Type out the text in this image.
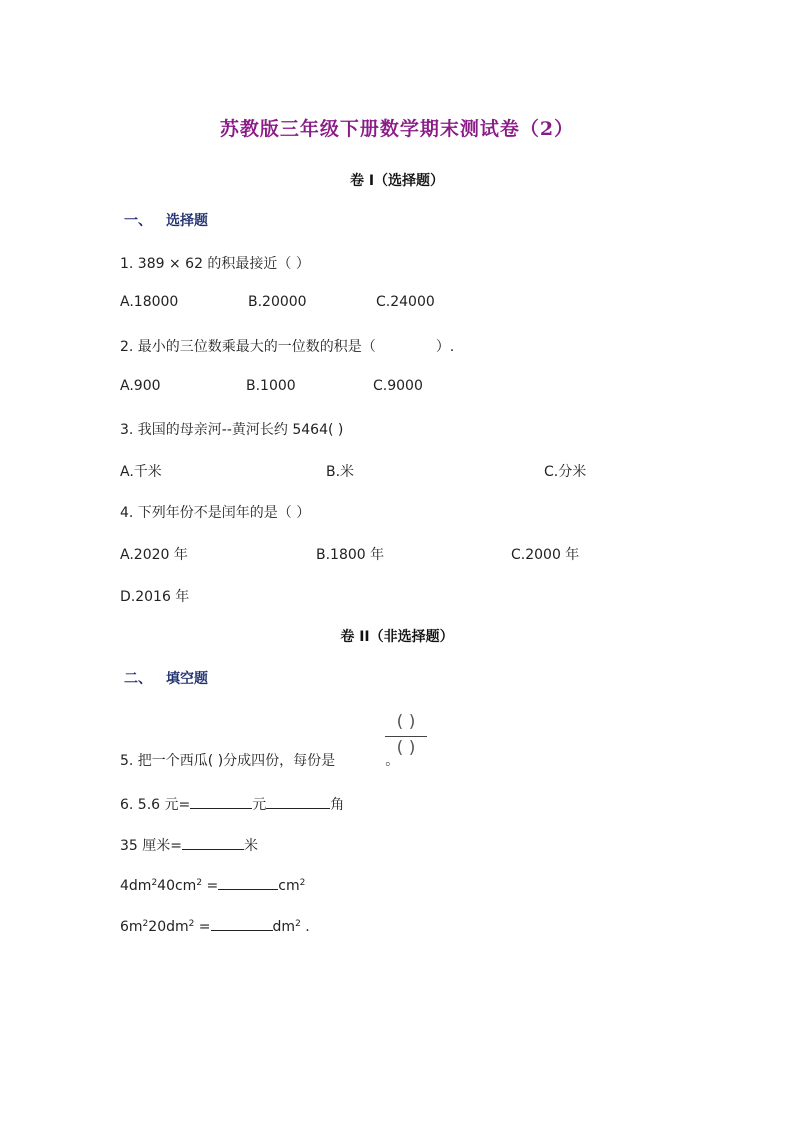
苏教版三年级下册数学期末测试卷（2）
卷 I（选择题）
一、 选择题
1. 389 × 62 的积最接近（ ）
A.18000	B.20000	C.24000
2. 最小的三位数乘最大的一位数的积是（	）.
A.900	B.1000	C.9000
3. 我国的母亲河--黄河长约 5464( )
A.千米	B.米	C.分米
4. 下列年份不是闰年的是（ ）
A.2020 年	B.1800 年	C.2000 年
D.2016 年
卷 II（非选择题）
二、 填空题
5. 把一个西瓜( )分成四份，每份是	。
( )
( )
6. 5.6 元=	元	角
35 厘米=	米
$4dm^240cm^2$ =	$cm^2$
$6m^220dm^2$ =	$dm^2$ .
